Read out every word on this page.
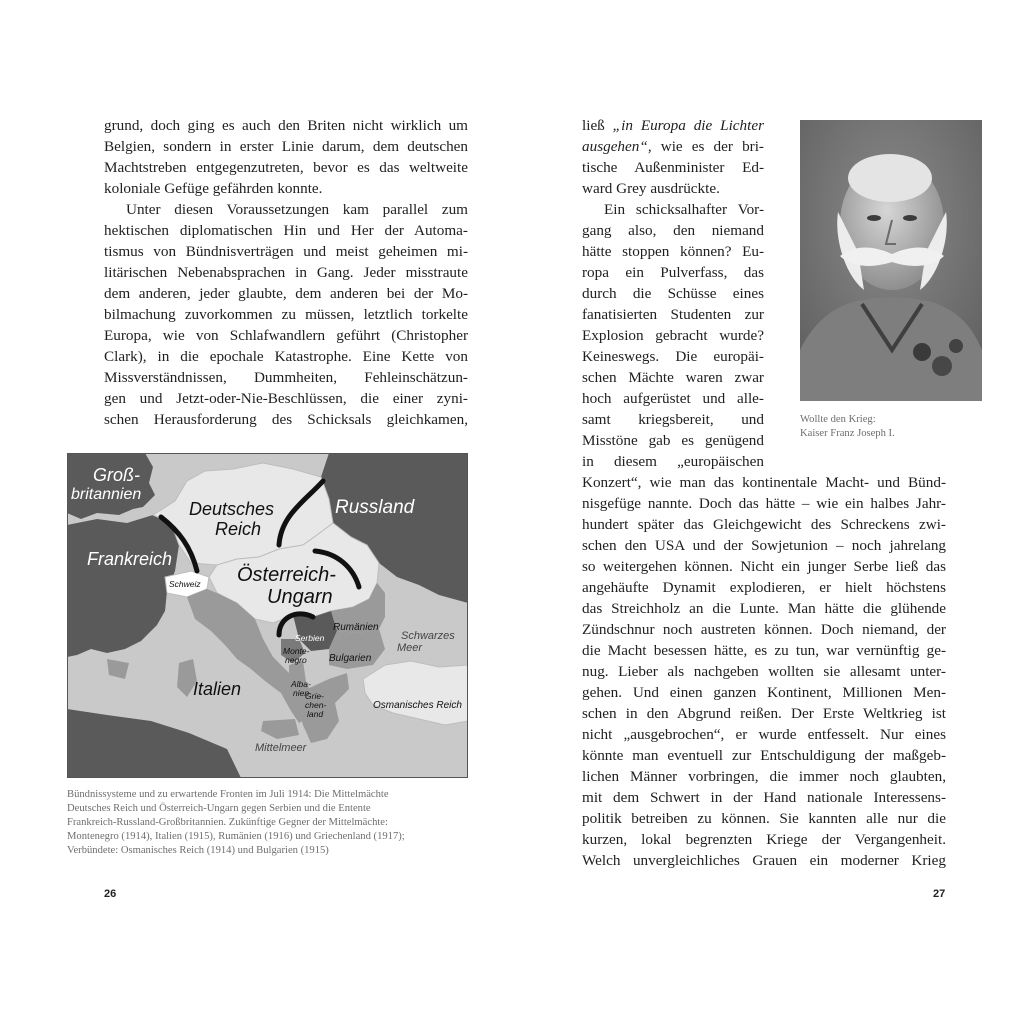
grund, doch ging es auch den Briten nicht wirklich um
Belgien, sondern in erster Linie darum, dem deutschen
Machtstreben entgegenzutreten, bevor es das weltweite
koloniale Gefüge gefährden konnte.
Unter diesen Voraussetzungen kam parallel zum
hektischen diplomatischen Hin und Her der Automa-
tismus von Bündnisverträgen und meist geheimen mi-
litärischen Nebenabsprachen in Gang. Jeder misstraute
dem anderen, jeder glaubte, dem anderen bei der Mo-
bilmachung zuvorkommen zu müssen, letztlich torkelte
Europa, wie von Schlafwandlern geführt (Christopher
Clark), in die epochale Katastrophe. Eine Kette von
Missverständnissen, Dummheiten, Fehleinschätzun-
gen und Jetzt-oder-Nie-Beschlüssen, die einer zyni-
schen Herausforderung des Schicksals gleichkamen,
Groß-
britannien
Deutsches
Reich
Russland
Frankreich
Schweiz Österreich-
Ungarn
Serbien
Rumänien
Schwarzes
Meer
Monte-
negro Bulgarien
Italien	Alba-
nien
Grie-
chen-
land
Osmanisches Reich
Mittelmeer
Bündnissysteme und zu erwartende Fronten im Juli 1914: Die Mittelmächte
Deutsches Reich und Österreich-Ungarn gegen Serbien und die Entente
Frankreich-Russland-Großbritannien. Zukünftige Gegner der Mittelmächte:
Montenegro (1914), Italien (1915), Rumänien (1916) und Griechenland (1917);
Verbündete: Osmanisches Reich (1914) und Bulgarien (1915)
26
ließ „in Europa die Lichter
ausgehen“, wie es der bri-
tische Außenminister Ed-
ward Grey ausdrückte.
Ein schicksalhafter Vor-
gang also, den niemand
hätte stoppen können? Eu-
ropa ein Pulverfass, das
durch die Schüsse eines
fanatisierten Studenten zur
Explosion gebracht wurde?
Keineswegs. Die europäi-
schen Mächte waren zwar
hoch aufgerüstet und alle-
samt kriegsbereit, und
Misstöne gab es genügend
in diesem „europäischen
Konzert“, wie man das kontinentale Macht- und Bünd-
nisgefüge nannte. Doch das hätte – wie ein halbes Jahr-
hundert später das Gleichgewicht des Schreckens zwi-
schen den USA und der Sowjetunion – noch jahrelang
so weitergehen können. Nicht ein junger Serbe ließ das
angehäufte Dynamit explodieren, er hielt höchstens
das Streichholz an die Lunte. Man hätte die glühende
Zündschnur noch austreten können. Doch niemand, der
die Macht besessen hätte, es zu tun, war vernünftig ge-
nug. Lieber als nachgeben wollten sie allesamt unter-
gehen. Und einen ganzen Kontinent, Millionen Men-
schen in den Abgrund reißen. Der Erste Weltkrieg ist
nicht „ausgebrochen“, er wurde entfesselt. Nur eines
könnte man eventuell zur Entschuldigung der maßgeb-
lichen Männer vorbringen, die immer noch glaubten,
mit dem Schwert in der Hand nationale Interessens-
politik betreiben zu können. Sie kannten alle nur die
kurzen, lokal begrenzten Kriege der Vergangenheit.
Welch unvergleichliches Grauen ein moderner Krieg
Wollte den Krieg:
Kaiser Franz Joseph I.
27
